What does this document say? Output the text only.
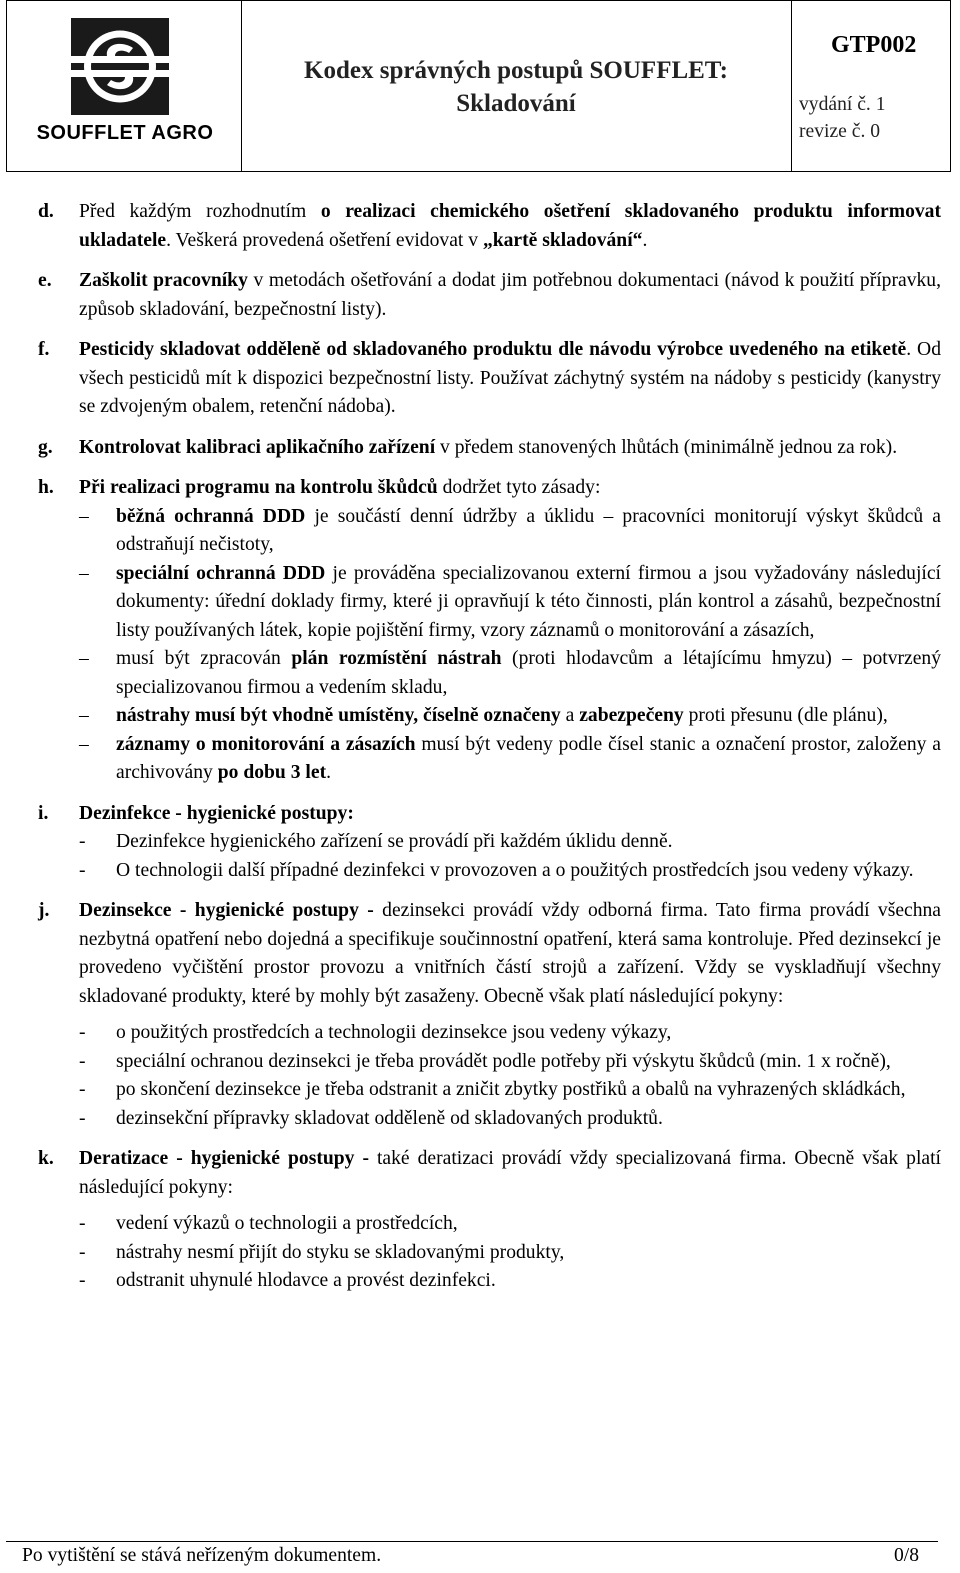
SOUFFLET AGRO
Kodex správných postupů SOUFFLET:
Skladování
GTP002
vydání č. 1
revize č. 0
d. Před každým rozhodnutím o realizaci chemického ošetření skladovaného produktu informovat ukladatele. Veškerá provedená ošetření evidovat v „kartě skladování“.

e. Zaškolit pracovníky v metodách ošetřování a dodat jim potřebnou dokumentaci (návod k použití přípravku, způsob skladování, bezpečnostní listy).

f. Pesticidy skladovat odděleně od skladovaného produktu dle návodu výrobce uvedeného na etiketě. Od všech pesticidů mít k dispozici bezpečnostní listy. Používat záchytný systém na nádoby s pesticidy (kanystry se zdvojeným obalem, retenční nádoba).

g. Kontrolovat kalibraci aplikačního zařízení v předem stanovených lhůtách (minimálně jednou za rok).

h. Při realizaci programu na kontrolu škůdců dodržet tyto zásady:

– běžná ochranná DDD je součástí denní údržby a úklidu – pracovníci monitorují výskyt škůdců a odstraňují nečistoty,

– speciální ochranná DDD je prováděna specializovanou externí firmou a jsou vyžadovány následující dokumenty: úřední doklady firmy, které ji opravňují k této činnosti, plán kontrol a zásahů, bezpečnostní listy používaných látek, kopie pojištění firmy, vzory záznamů o monitorování a zásazích,

– musí být zpracován plán rozmístění nástrah (proti hlodavcům a létajícímu hmyzu) – potvrzený specializovanou firmou a vedením skladu,

– nástrahy musí být vhodně umístěny, číselně označeny a zabezpečeny proti přesunu (dle plánu),

– záznamy o monitorování a zásazích musí být vedeny podle čísel stanic a označení prostor, založeny a archivovány po dobu 3 let.

i. Dezinfekce - hygienické postupy:

- Dezinfekce hygienického zařízení se provádí při každém úklidu denně.

- O technologii další případné dezinfekci v provozoven a o použitých prostředcích jsou vedeny výkazy.

j. Dezinsekce - hygienické postupy - dezinsekci provádí vždy odborná firma. Tato firma provádí všechna nezbytná opatření nebo dojedná a specifikuje součinnostní opatření, která sama kontroluje. Před dezinsekcí je provedeno vyčištění prostor provozu a vnitřních částí strojů a zařízení. Vždy se vyskladňují všechny skladované produkty, které by mohly být zasaženy. Obecně však platí následující pokyny:

- o použitých prostředcích a technologii dezinsekce jsou vedeny výkazy,

- speciální ochranou dezinsekci je třeba provádět podle potřeby při výskytu škůdců (min. 1 x ročně),

- po skončení dezinsekce je třeba odstranit a zničit zbytky postřiků a obalů na vyhrazených skládkách,

- dezinsekční přípravky skladovat odděleně od skladovaných produktů.

k. Deratizace - hygienické postupy - také deratizaci provádí vždy specializovaná firma. Obecně však platí následující pokyny:

- vedení výkazů o technologii a prostředcích,

- nástrahy nesmí přijít do styku se skladovanými produkty,

- odstranit uhynulé hlodavce a provést dezinfekci.

Po vytištění se stává neřízeným dokumentem.	0/8
